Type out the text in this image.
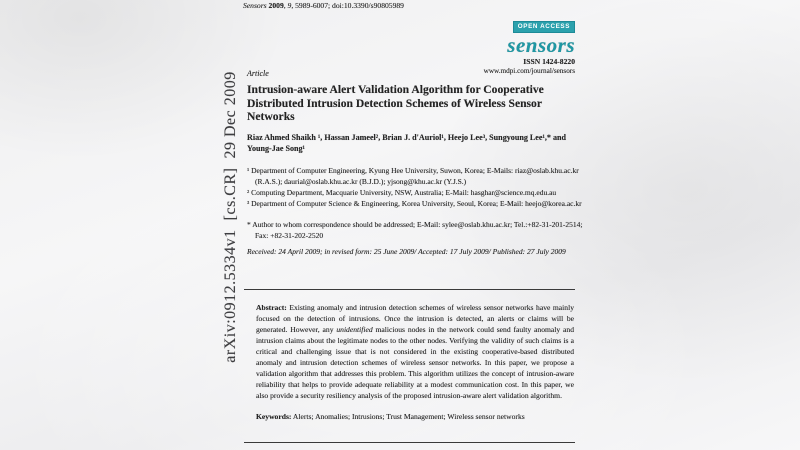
arXiv:0912.5334v1  [cs.CR]  29 Dec 2009
Sensors 2009, 9, 5989-6007; doi:10.3390/s90805989
OPEN ACCESS
sensors
ISSN 1424-8220
www.mdpi.com/journal/sensors
Article
Intrusion-aware Alert Validation Algorithm for Cooperative Distributed Intrusion Detection Schemes of Wireless Sensor Networks
Riaz Ahmed Shaikh ¹, Hassan Jameel², Brian J. d'Auriol¹, Heejo Lee³, Sungyoung Lee¹,* and Young-Jae Song¹
¹ Department of Computer Engineering, Kyung Hee University, Suwon, Korea; E-Mails: riaz@oslab.khu.ac.kr (R.A.S.); daurial@oslab.khu.ac.kr (B.J.D.); yjsong@khu.ac.kr (Y.J.S.)
² Computing Department, Macquarie University, NSW, Australia; E-Mail: hasghar@science.mq.edu.au
³ Department of Computer Science & Engineering, Korea University, Seoul, Korea; E-Mail: heejo@korea.ac.kr
* Author to whom correspondence should be addressed; E-Mail: sylee@oslab.khu.ac.kr; Tel.:+82-31-201-2514; Fax: +82-31-202-2520
Received: 24 April 2009; in revised form: 25 June 2009/ Accepted: 17 July 2009/ Published: 27 July 2009

Abstract: Existing anomaly and intrusion detection schemes of wireless sensor networks have mainly focused on the detection of intrusions. Once the intrusion is detected, an alerts or claims will be generated. However, any unidentified malicious nodes in the network could send faulty anomaly and intrusion claims about the legitimate nodes to the other nodes. Verifying the validity of such claims is a critical and challenging issue that is not considered in the existing cooperative-based distributed anomaly and intrusion detection schemes of wireless sensor networks. In this paper, we propose a validation algorithm that addresses this problem. This algorithm utilizes the concept of intrusion-aware reliability that helps to provide adequate reliability at a modest communication cost. In this paper, we also provide a security resiliency analysis of the proposed intrusion-aware alert validation algorithm.

Keywords: Alerts; Anomalies; Intrusions; Trust Management; Wireless sensor networks
